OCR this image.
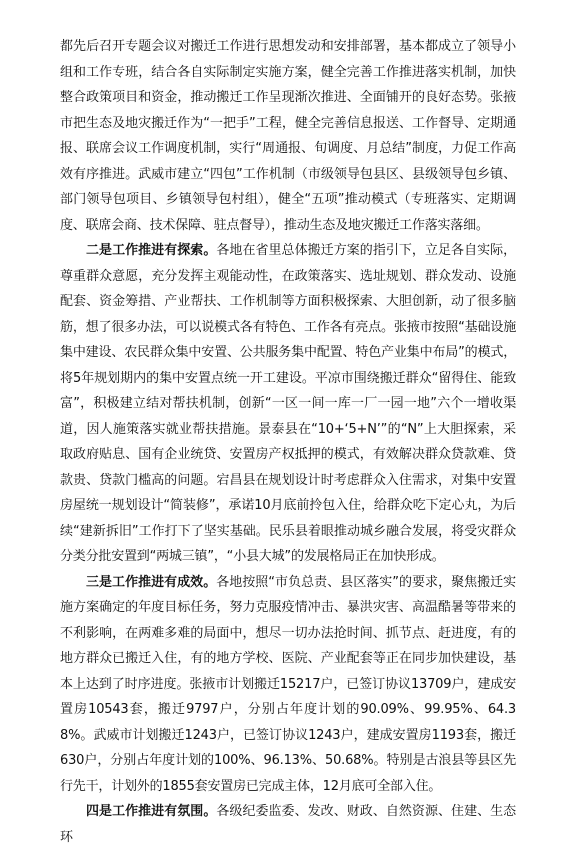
都先后召开专题会议对搬迁工作进行思想发动和安排部署，基本都成立了领导小组和工作专班，结合各自实际制定实施方案，健全完善工作推进落实机制，加快整合政策项目和资金，推动搬迁工作呈现渐次推进、全面铺开的良好态势。张掖市把生态及地灾搬迁作为“一把手”工程，健全完善信息报送、工作督导、定期通报、联席会议工作调度机制，实行“周通报、旬调度、月总结”制度，力促工作高效有序推进。武威市建立“四包”工作机制（市级领导包县区、县级领导包乡镇、部门领导包项目、乡镇领导包村组），健全“五项”推动模式（专班落实、定期调度、联席会商、技术保障、驻点督导），推动生态及地灾搬迁工作落实落细。

二是工作推进有探索。各地在省里总体搬迁方案的指引下，立足各自实际，尊重群众意愿，充分发挥主观能动性，在政策落实、选址规划、群众发动、设施配套、资金筹措、产业帮扶、工作机制等方面积极探索、大胆创新，动了很多脑筋，想了很多办法，可以说模式各有特色、工作各有亮点。张掖市按照“基础设施集中建设、农民群众集中安置、公共服务集中配置、特色产业集中布局”的模式，将5年规划期内的集中安置点统一开工建设。平凉市围绕搬迁群众“留得住、能致富”，积极建立结对帮扶机制，创新“一区一间一库一厂一园一地”六个一增收渠道，因人施策落实就业帮扶措施。景泰县在“10+‘5+N’”的“N”上大胆探索，采取政府贴息、国有企业统贷、安置房产权抵押的模式，有效解决群众贷款难、贷款贵、贷款门槛高的问题。宕昌县在规划设计时考虑群众入住需求，对集中安置房屋统一规划设计“简装修”，承诺10月底前拎包入住，给群众吃下定心丸，为后续“建新拆旧”工作打下了坚实基础。民乐县着眼推动城乡融合发展，将受灾群众分类分批安置到“两城三镇”，“小县大城”的发展格局正在加快形成。

三是工作推进有成效。各地按照“市负总责、县区落实”的要求，聚焦搬迁实施方案确定的年度目标任务，努力克服疫情冲击、暴洪灾害、高温酷暑等带来的不利影响，在两难多难的局面中，想尽一切办法抢时间、抓节点、赶进度，有的地方群众已搬迁入住，有的地方学校、医院、产业配套等正在同步加快建设，基本上达到了时序进度。张掖市计划搬迁15217户，已签订协议13709户，建成安置房10543套，搬迁9797户，分别占年度计划的90.09%、99.95%、64.38%。武威市计划搬迁1243户，已签订协议1243户，建成安置房1193套，搬迁630户，分别占年度计划的100%、96.13%、50.68%。特别是古浪县等县区先行先干，计划外的1855套安置房已完成主体，12月底可全部入住。

四是工作推进有氛围。各级纪委监委、发改、财政、自然资源、住建、生态环
